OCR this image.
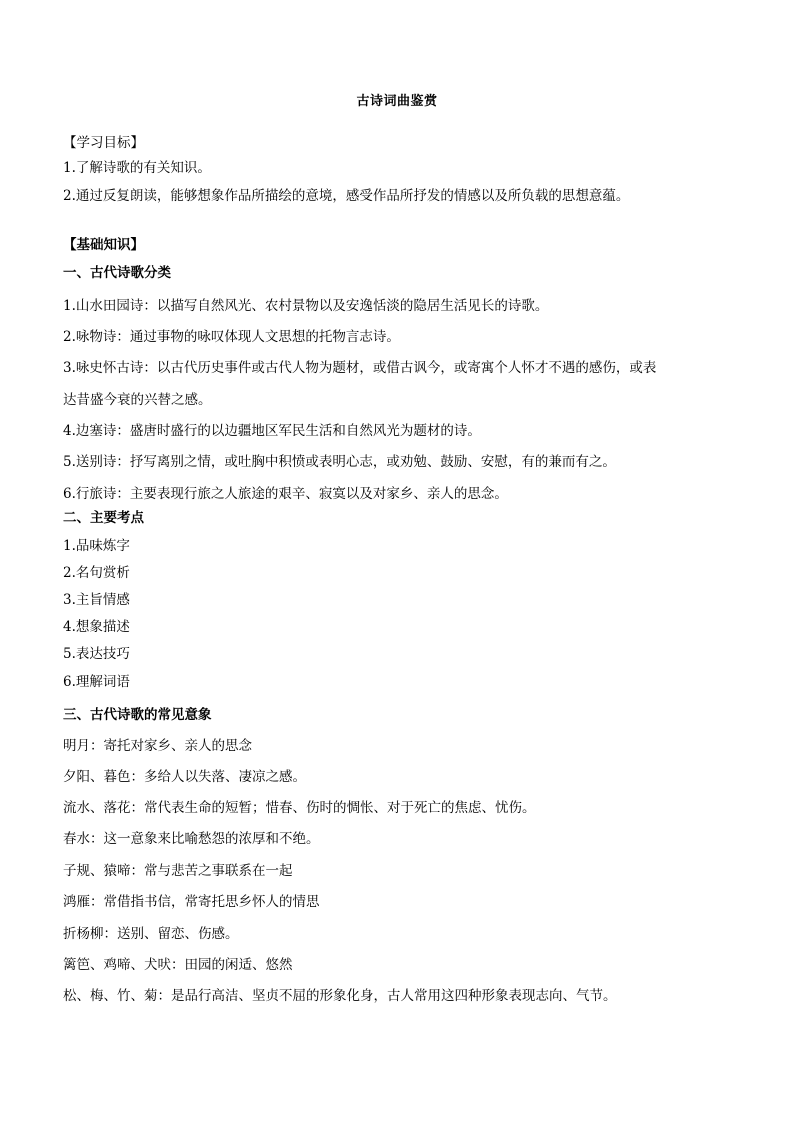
古诗词曲鉴赏
【学习目标】
1.了解诗歌的有关知识。
2.通过反复朗读，能够想象作品所描绘的意境，感受作品所抒发的情感以及所负载的思想意蕴。
【基础知识】
一、古代诗歌分类
1.山水田园诗：以描写自然风光、农村景物以及安逸恬淡的隐居生活见长的诗歌。
2.咏物诗：通过事物的咏叹体现人文思想的托物言志诗。
3.咏史怀古诗：以古代历史事件或古代人物为题材，或借古讽今，或寄寓个人怀才不遇的感伤，或表
达昔盛今衰的兴替之感。
4.边塞诗：盛唐时盛行的以边疆地区军民生活和自然风光为题材的诗。
5.送别诗：抒写离别之情，或吐胸中积愤或表明心志，或劝勉、鼓励、安慰，有的兼而有之。
6.行旅诗：主要表现行旅之人旅途的艰辛、寂寞以及对家乡、亲人的思念。
二、主要考点
1.品味炼字
2.名句赏析
3.主旨情感
4.想象描述
5.表达技巧
6.理解词语
三、古代诗歌的常见意象
明月：寄托对家乡、亲人的思念
夕阳、暮色：多给人以失落、凄凉之感。
流水、落花：常代表生命的短暂；惜春、伤时的惆怅、对于死亡的焦虑、忧伤。
春水：这一意象来比喻愁怨的浓厚和不绝。
子规、猿啼：常与悲苦之事联系在一起
鸿雁：常借指书信，常寄托思乡怀人的情思
折杨柳：送别、留恋、伤感。
篱笆、鸡啼、犬吠：田园的闲适、悠然
松、梅、竹、菊：是品行高洁、坚贞不屈的形象化身，古人常用这四种形象表现志向、气节。
